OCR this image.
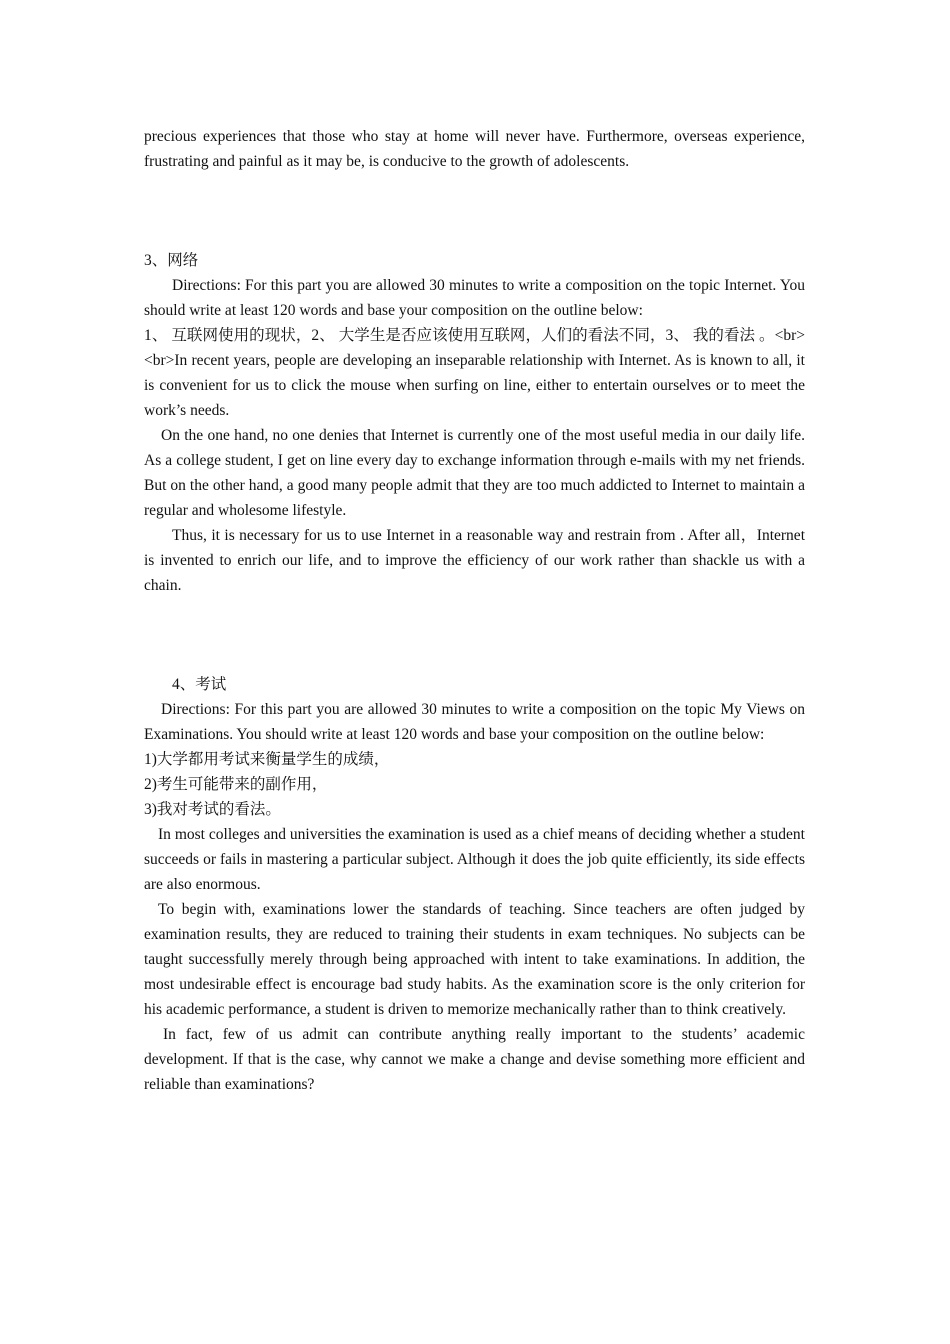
precious experiences that those who stay at home will never have. Furthermore, overseas experience, frustrating and painful as it may be, is conducive to the growth of adolescents.

3、网络

Directions: For this part you are allowed 30 minutes to write a composition on the topic Internet. You should write at least 120 words and base your composition on the outline below:

1、 互联网使用的现状，2、 大学生是否应该使用互联网，人们的看法不同，3、 我的看法 。<br><br>In recent years, people are developing an inseparable relationship with Internet. As is known to all, it is convenient for us to click the mouse when surfing on line, either to entertain ourselves or to meet the work’s needs.

On the one hand, no one denies that Internet is currently one of the most useful media in our daily life. As a college student, I get on line every day to exchange information through e-mails with my net friends. But on the other hand, a good many people admit that they are too much addicted to Internet to maintain a regular and wholesome lifestyle.

Thus, it is necessary for us to use Internet in a reasonable way and restrain from . After all，Internet is invented to enrich our life, and to improve the efficiency of our work rather than shackle us with a chain.

4、考试

Directions: For this part you are allowed 30 minutes to write a composition on the topic My Views on Examinations. You should write at least 120 words and base your composition on the outline below:

1)大学都用考试来衡量学生的成绩，

2)考生可能带来的副作用，

3)我对考试的看法。

In most colleges and universities the examination is used as a chief means of deciding whether a student succeeds or fails in mastering a particular subject. Although it does the job quite efficiently, its side effects are also enormous.

To begin with, examinations lower the standards of teaching. Since teachers are often judged by examination results, they are reduced to training their students in exam techniques. No subjects can be taught successfully merely through being approached with intent to take examinations. In addition, the most undesirable effect is encourage bad study habits. As the examination score is the only criterion for his academic performance, a student is driven to memorize mechanically rather than to think creatively.

In fact, few of us admit can contribute anything really important to the students’ academic development. If that is the case, why cannot we make a change and devise something more efficient and reliable than examinations?
